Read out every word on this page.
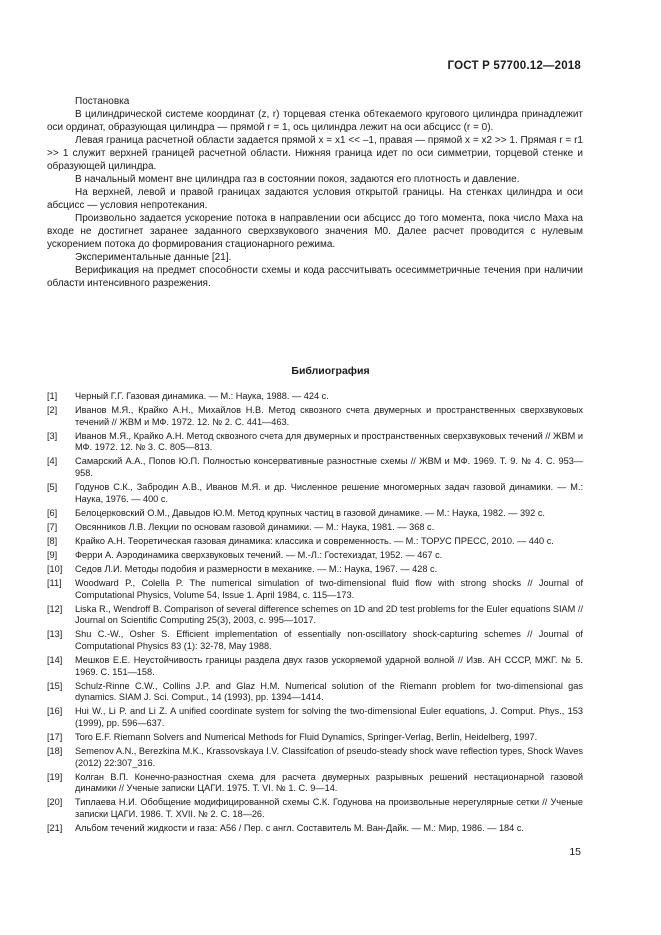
ГОСТ Р 57700.12—2018

Постановка

В цилиндрической системе координат (z, r) торцевая стенка обтекаемого кругового цилиндра принадлежит оси ординат, образующая цилиндра — прямой r = 1, ось цилиндра лежит на оси абсцисс (r = 0).

Левая граница расчетной области задается прямой x = x1 << –1, правая — прямой x = x2 >> 1. Прямая r = r1 >> 1 служит верхней границей расчетной области. Нижняя граница идет по оси симметрии, торцевой стенке и образующей цилиндра.

В начальный момент вне цилиндра газ в состоянии покоя, задаются его плотность и давление.

На верхней, левой и правой границах задаются условия открытой границы. На стенках цилиндра и оси абсцисс — условия непротекания.

Произвольно задается ускорение потока в направлении оси абсцисс до того момента, пока число Маха на входе не достигнет заранее заданного сверхзвукового значения M0. Далее расчет проводится с нулевым ускорением потока до формирования стационарного режима.

Экспериментальные данные [21].

Верификация на предмет способности схемы и кода рассчитывать осесимметричные течения при наличии области интенсивного разрежения.

Библиография
[1]	Черный Г.Г. Газовая динамика. — М.: Наука, 1988. — 424 с.
[2]	Иванов М.Я., Крайко А.Н., Михайлов Н.В. Метод сквозного счета двумерных и пространственных сверхзвуковых течений // ЖВМ и МФ. 1972. 12. № 2. С. 441—463.
[3]	Иванов М.Я., Крайко А.Н. Метод сквозного счета для двумерных и пространственных сверхзвуковых течений // ЖВМ и МФ. 1972. 12. № 3. С. 805—813.
[4]	Самарский А.А., Попов Ю.П. Полностью консервативные разностные схемы // ЖВМ и МФ. 1969. Т. 9. № 4. С. 953—958.
[5]	Годунов С.К., Забродин А.В., Иванов М.Я. и др. Численное решение многомерных задач газовой динамики. — М.: Наука, 1976. — 400 с.
[6]	Белоцерковский О.М., Давыдов Ю.М. Метод крупных частиц в газовой динамике. — М.: Наука, 1982. — 392 с.
[7]	Овсянников Л.В. Лекции по основам газовой динамики. — М.: Наука, 1981. — 368 с.
[8]	Крайко А.Н. Теоретическая газовая динамика: классика и современность. — М.: ТОРУС ПРЕСС, 2010. — 440 с.
[9]	Ферри А. Аэродинамика сверхзвуковых течений. — М.-Л.: Гостехиздат, 1952. — 467 с.
[10]	Седов Л.И. Методы подобия и размерности в механике. — М.: Наука, 1967. — 428 с.
[11]	Woodward P., Colella P. The numerical simulation of two-dimensional fluid flow with strong shocks // Journal of Computational Physics, Volume 54, Issue 1. April 1984, с. 115—173.
[12]	Liska R., Wendroff B. Comparison of several difference schemes on 1D and 2D test problems for the Euler equations SIAM // Journal on Scientific Computing 25(3), 2003, с. 995—1017.
[13]	Shu C.-W., Osher S. Efficient implementation of essentially non-oscillatory shock-capturing schemes // Journal of Computational Physics 83 (1): 32-78, May 1988.
[14]	Мешков Е.Е. Неустойчивость границы раздела двух газов ускоряемой ударной волной // Изв. АН СССР, МЖГ. № 5. 1969. С. 151—158.
[15]	Schulz-Rinne C.W., Collins J.P. and Glaz H.M. Numerical solution of the Riemann problem for two-dimensional gas dynamics. SIAM J. Sci. Comput., 14 (1993), pp. 1394—1414.
[16]	Hui W., Li P. and Li Z. A unified coordinate system for solving the two-dimensional Euler equations, J. Comput. Phys., 153 (1999), pp. 596—637.
[17]	Toro E.F. Riemann Solvers and Numerical Methods for Fluid Dynamics, Springer-Verlag, Berlin, Heidelberg, 1997.
[18]	Semenov A.N., Berezkina M.K., Krassovskaya I.V. Classifcation of pseudo-steady shock wave reflection types, Shock Waves (2012) 22:307_316.
[19]	Колган В.П. Конечно-разностная схема для расчета двумерных разрывных решений нестационарной газовой динамики // Ученые записки ЦАГИ. 1975. Т. VI. № 1. С. 9—14.
[20]	Типлаева Н.И. Обобщение модифицированной схемы С.К. Годунова на произвольные нерегулярные сетки // Ученые записки ЦАГИ. 1986. Т. XVII. № 2. С. 18—26.
[21]	Альбом течений жидкости и газа: А56 / Пер. с англ. Составитель М. Ван-Дайк. — М.: Мир, 1986. — 184 с.
15
